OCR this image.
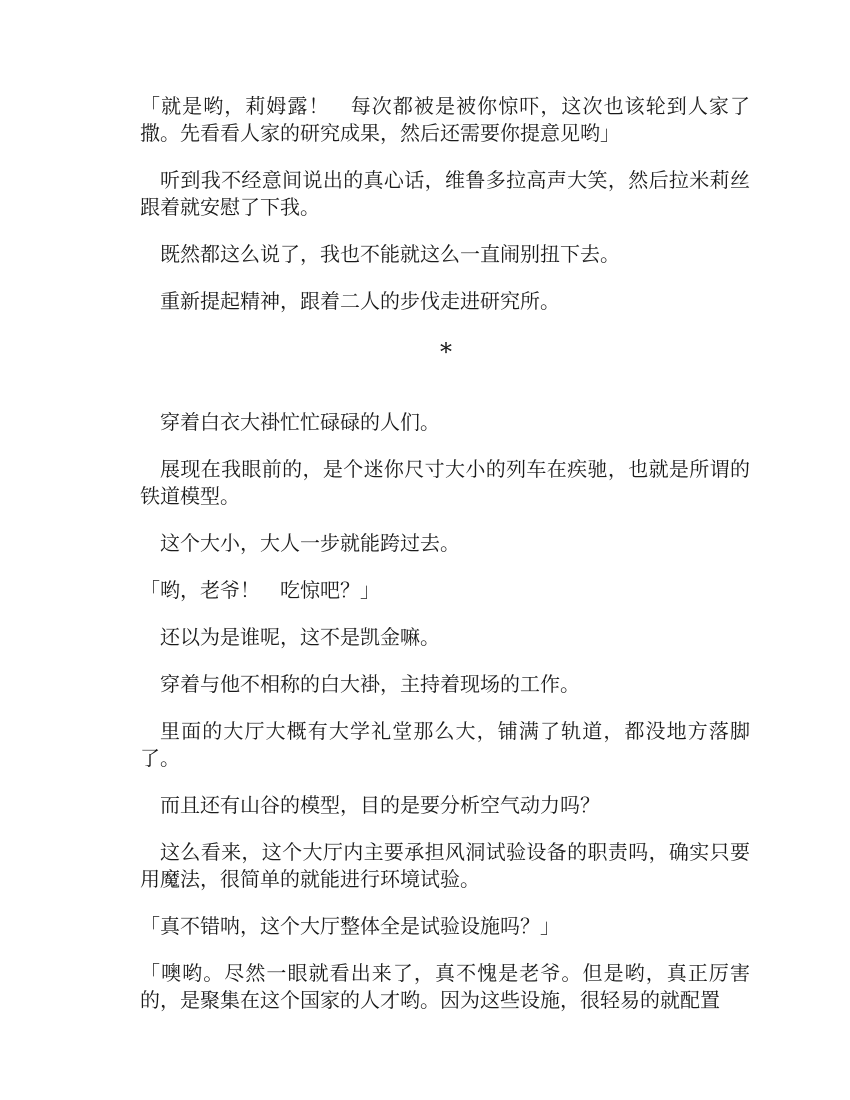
「就是哟，莉姆露！　每次都被是被你惊吓，这次也该轮到人家了撒。先看看人家的研究成果，然后还需要你提意见哟」

听到我不经意间说出的真心话，维鲁多拉高声大笑，然后拉米莉丝跟着就安慰了下我。

既然都这么说了，我也不能就这么一直闹别扭下去。

重新提起精神，跟着二人的步伐走进研究所。

*

穿着白衣大褂忙忙碌碌的人们。

展现在我眼前的，是个迷你尺寸大小的列车在疾驰，也就是所谓的铁道模型。

这个大小，大人一步就能跨过去。

「哟，老爷！　吃惊吧？」

还以为是谁呢，这不是凯金嘛。

穿着与他不相称的白大褂，主持着现场的工作。

里面的大厅大概有大学礼堂那么大，铺满了轨道，都没地方落脚了。

而且还有山谷的模型，目的是要分析空气动力吗？

这么看来，这个大厅内主要承担风洞试验设备的职责吗，确实只要用魔法，很简单的就能进行环境试验。

「真不错呐，这个大厅整体全是试验设施吗？」

「噢哟。尽然一眼就看出来了，真不愧是老爷。但是哟，真正厉害的，是聚集在这个国家的人才哟。因为这些设施，很轻易的就配置
